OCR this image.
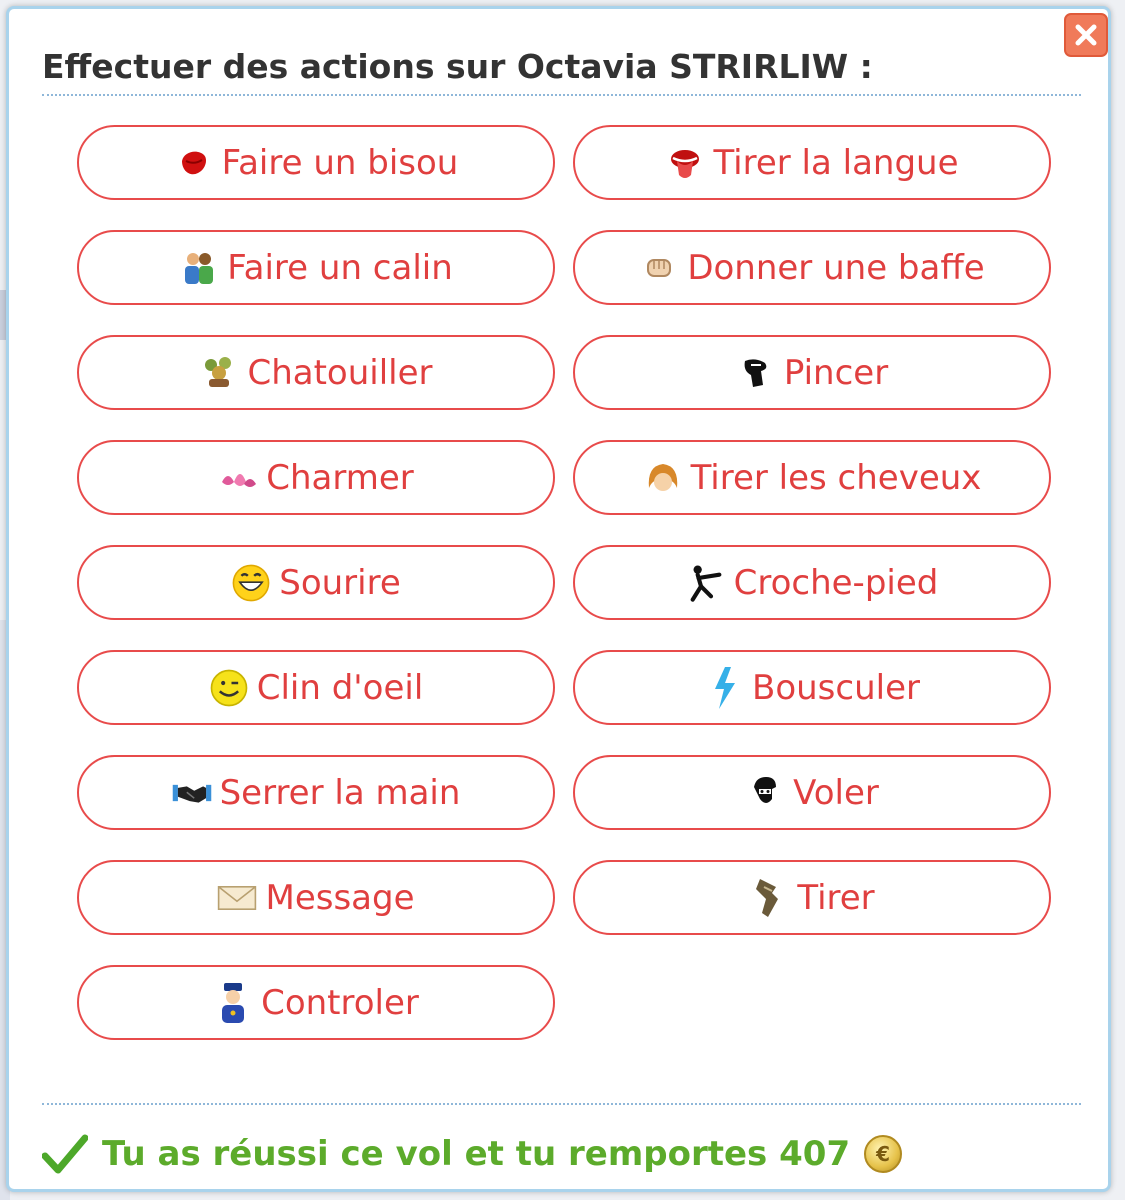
Effectuer des actions sur Octavia STRIRLIW :
Faire un bisou	Tirer la langue
Faire un calin	Donner une baffe
Chatouiller	Pincer
Charmer	Tirer les cheveux
Sourire	Croche-pied
Clin d'oeil	Bousculer
Serrer la main	Voler
Message	Tirer
Controler
Tu as réussi ce vol et tu remportes 407	€
